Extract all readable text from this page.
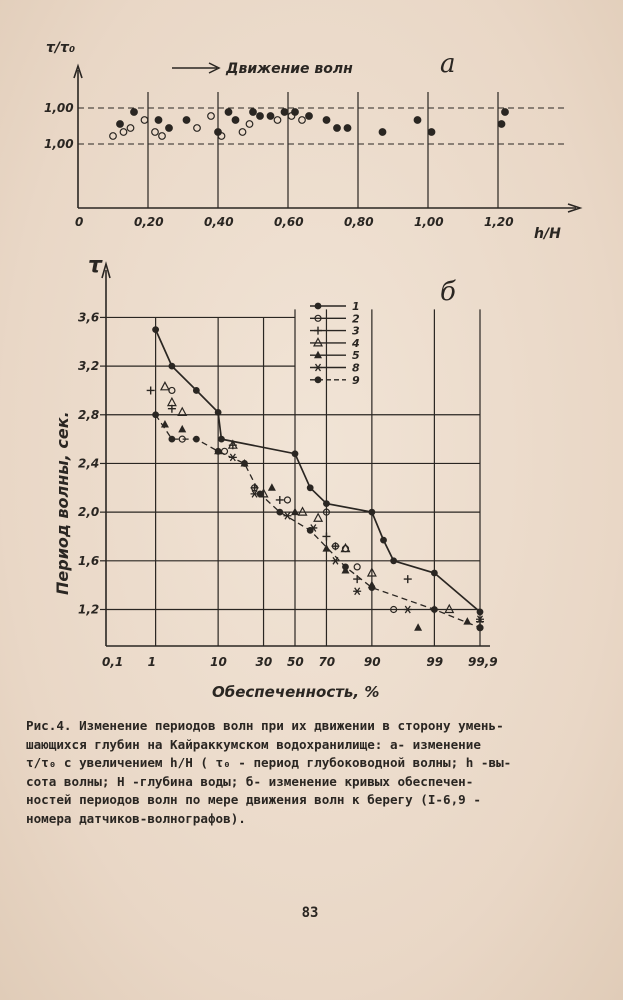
а
τ/τ₀
Движение волн
h/H
0	0,20	0,40	0,60	0,80	1,00	1,20
1,00
1,00
б
τ
Период волны, сек.
Обеспеченность, %
0,1 1	10 30 50 70 90	99 99,9
1,2
1,6
2,0
2,4
2,8
3,2
3,6
1
2
3
4
5
8
9
Рис.4. Изменение периодов волн при их движении в сторону умень-
шающихся глубин на Кайраккумском водохранилище: а- изменение
τ/τ₀ с увеличением h/H ( τ₀ - период глубоководной волны; h -вы-
сота волны; H -глубина воды; б- изменение кривых обеспечен-
ностей периодов волн по мере движения волн к берегу (I-6,9 -
номера датчиков-волнографов).
83
